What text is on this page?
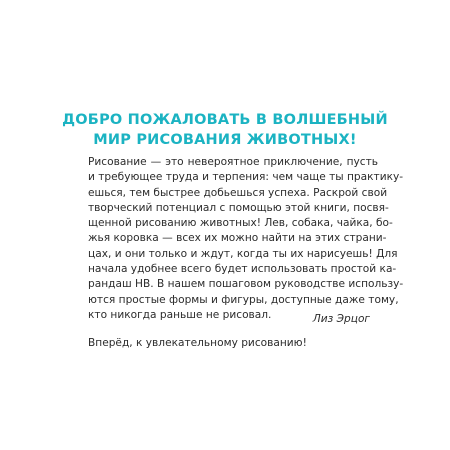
ДОБРО ПОЖАЛОВАТЬ В ВОЛШЕБНЫЙ
МИР РИСОВАНИЯ ЖИВОТНЫХ!
Рисование — это невероятное приключение, пусть
и требующее труда и терпения: чем чаще ты практику-
ешься, тем быстрее добьешься успеха. Раскрой свой
творческий потенциал с помощью этой книги, посвя-
щенной рисованию животных! Лев, собака, чайка, бо-
жья коровка — всех их можно найти на этих страни-
цах, и они только и ждут, когда ты их нарисуешь! Для
начала удобнее всего будет использовать простой ка-
рандаш НВ. В нашем пошаговом руководстве использу-
ются простые формы и фигуры, доступные даже тому,
кто никогда раньше не рисовал.
Вперёд, к увлекательному рисованию!
Лиз Эрцог
